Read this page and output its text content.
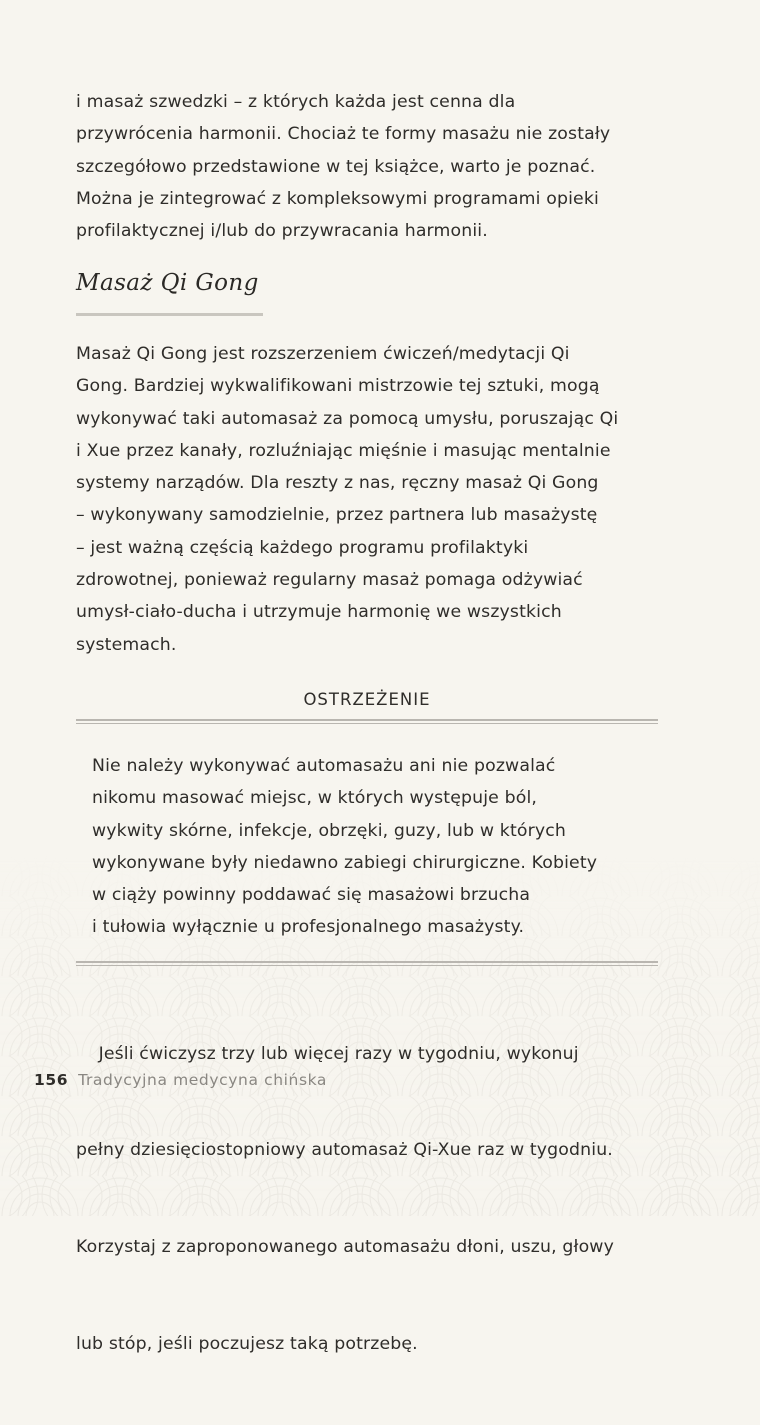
i masaż szwedzki – z których każda jest cenna dla
przywrócenia harmonii. Chociaż te formy masażu nie zostały
szczegółowo przedstawione w tej książce, warto je poznać.
Można je zintegrować z kompleksowymi programami opieki
profilaktycznej i/lub do przywracania harmonii.

Masaż Qi Gong

Masaż Qi Gong jest rozszerzeniem ćwiczeń/medytacji Qi
Gong. Bardziej wykwalifikowani mistrzowie tej sztuki, mogą
wykonywać taki automasaż za pomocą umysłu, poruszając Qi
i Xue przez kanały, rozluźniając mięśnie i masując mentalnie
systemy narządów. Dla reszty z nas, ręczny masaż Qi Gong
– wykonywany samodzielnie, przez partnera lub masażystę
– jest ważną częścią każdego programu profilaktyki
zdrowotnej, ponieważ regularny masaż pomaga odżywiać
umysł-ciało-ducha i utrzymuje harmonię we wszystkich
systemach.

OSTRZEŻENIE

Nie należy wykonywać automasażu ani nie pozwalać
nikomu masować miejsc, w których występuje ból,
wykwity skórne, infekcje, obrzęki, guzy, lub w których
wykonywane były niedawno zabiegi chirurgiczne. Kobiety
w ciąży powinny poddawać się masażowi brzucha
i tułowia wyłącznie u profesjonalnego masażysty.

Jeśli ćwiczysz trzy lub więcej razy w tygodniu, wykonuj

pełny dziesięciostopniowy automasaż Qi-Xue raz w tygodniu.

Korzystaj z zaproponowanego automasażu dłoni, uszu, głowy

lub stóp, jeśli poczujesz taką potrzebę.

156 Tradycyjna medycyna chińska
